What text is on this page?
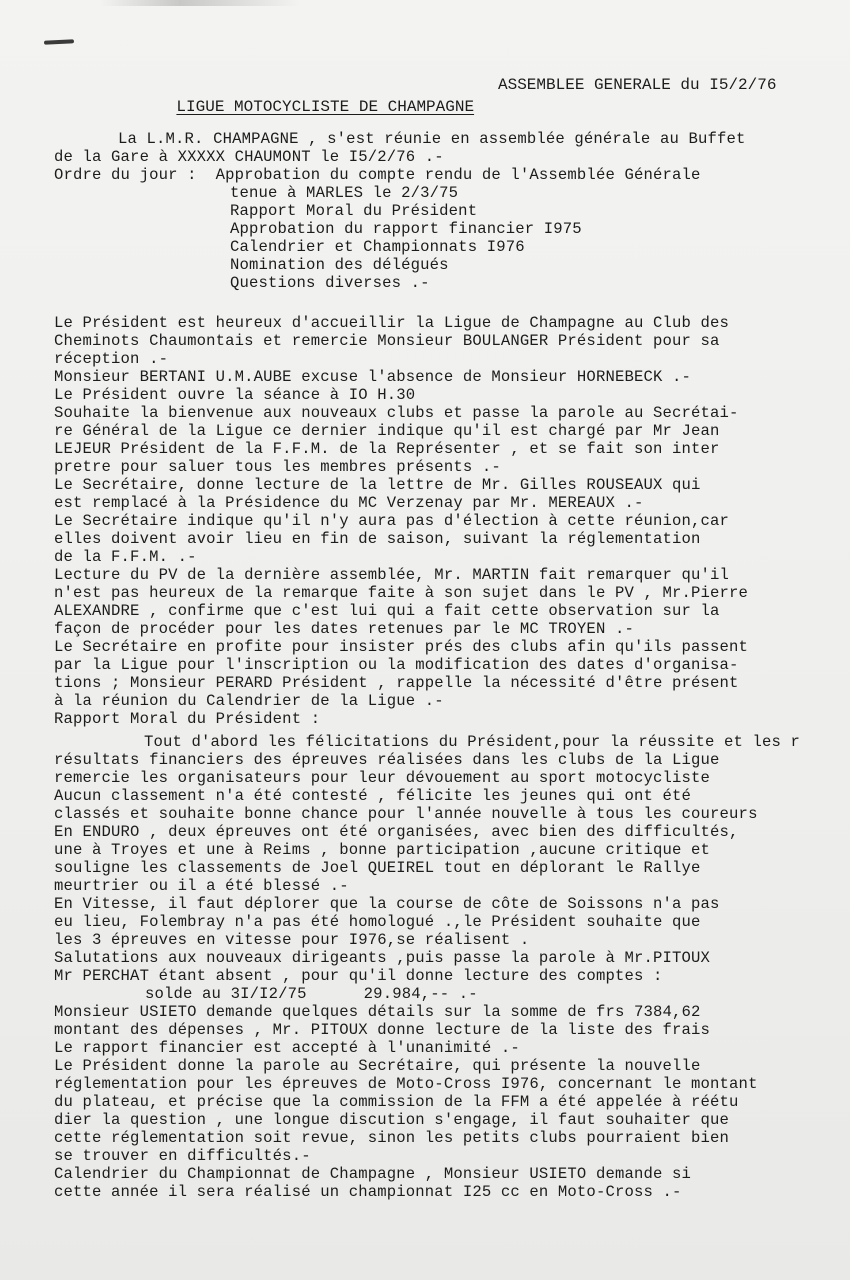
LIGUE MOTOCYCLISTE DE CHAMPAGNE

ASSEMBLEE GENERALE du I5/2/76

La L.M.R. CHAMPAGNE , s'est réunie en assemblée générale au Buffet
de la Gare à XXXXX CHAUMONT le I5/2/76 .-
Ordre du jour :  Approbation du compte rendu de l'Assemblée Générale
tenue à MARLES le 2/3/75
Rapport Moral du Président
Approbation du rapport financier I975
Calendrier et Championnats I976
Nomination des délégués
Questions diverses .-
Le Président est heureux d'accueillir la Ligue de Champagne au Club des
Cheminots Chaumontais et remercie Monsieur BOULANGER Président pour sa
réception .-
Monsieur BERTANI U.M.AUBE excuse l'absence de Monsieur HORNEBECK .-
Le Président ouvre la séance à IO H.30
Souhaite la bienvenue aux nouveaux clubs et passe la parole au Secrétai-
re Général de la Ligue ce dernier indique qu'il est chargé par Mr Jean
LEJEUR Président de la F.F.M. de la Représenter , et se fait son inter
pretre pour saluer tous les membres présents .-
Le Secrétaire, donne lecture de la lettre de Mr. Gilles ROUSEAUX qui
est remplacé à la Présidence du MC Verzenay par Mr. MEREAUX .-
Le Secrétaire indique qu'il n'y aura pas d'élection à cette réunion,car
elles doivent avoir lieu en fin de saison, suivant la réglementation
de la F.F.M. .-
Lecture du PV de la dernière assemblée, Mr. MARTIN fait remarquer qu'il
n'est pas heureux de la remarque faite à son sujet dans le PV , Mr.Pierre
ALEXANDRE , confirme que c'est lui qui a fait cette observation sur la
façon de procéder pour les dates retenues par le MC TROYEN .-
Le Secrétaire en profite pour insister prés des clubs afin qu'ils passent
par la Ligue pour l'inscription ou la modification des dates d'organisa-
tions ; Monsieur PERARD Président , rappelle la nécessité d'être présent
à la réunion du Calendrier de la Ligue .-
Rapport Moral du Président :
Tout d'abord les félicitations du Président,pour la réussite et les r
résultats financiers des épreuves réalisées dans les clubs de la Ligue
remercie les organisateurs pour leur dévouement au sport motocycliste
Aucun classement n'a été contesté , félicite les jeunes qui ont été
classés et souhaite bonne chance pour l'année nouvelle à tous les coureurs
En ENDURO , deux épreuves ont été organisées, avec bien des difficultés,
une à Troyes et une à Reims , bonne participation ,aucune critique et
souligne les classements de Joel QUEIREL tout en déplorant le Rallye
meurtrier ou il a été blessé .-
En Vitesse, il faut déplorer que la course de côte de Soissons n'a pas
eu lieu, Folembray n'a pas été homologué .,le Président souhaite que
les 3 épreuves en vitesse pour I976,se réalisent .
Salutations aux nouveaux dirigeants ,puis passe la parole à Mr.PITOUX
Mr PERCHAT étant absent , pour qu'il donne lecture des comptes :
solde au 3I/I2/75      29.984,-- .-
Monsieur USIETO demande quelques détails sur la somme de frs 7384,62
montant des dépenses , Mr. PITOUX donne lecture de la liste des frais
Le rapport financier est accepté à l'unanimité .-
Le Président donne la parole au Secrétaire, qui présente la nouvelle
réglementation pour les épreuves de Moto-Cross I976, concernant le montant
du plateau, et précise que la commission de la FFM a été appelée à réétu
dier la question , une longue discution s'engage, il faut souhaiter que
cette réglementation soit revue, sinon les petits clubs pourraient bien
se trouver en difficultés.-
Calendrier du Championnat de Champagne , Monsieur USIETO demande si
cette année il sera réalisé un championnat I25 cc en Moto-Cross .-
